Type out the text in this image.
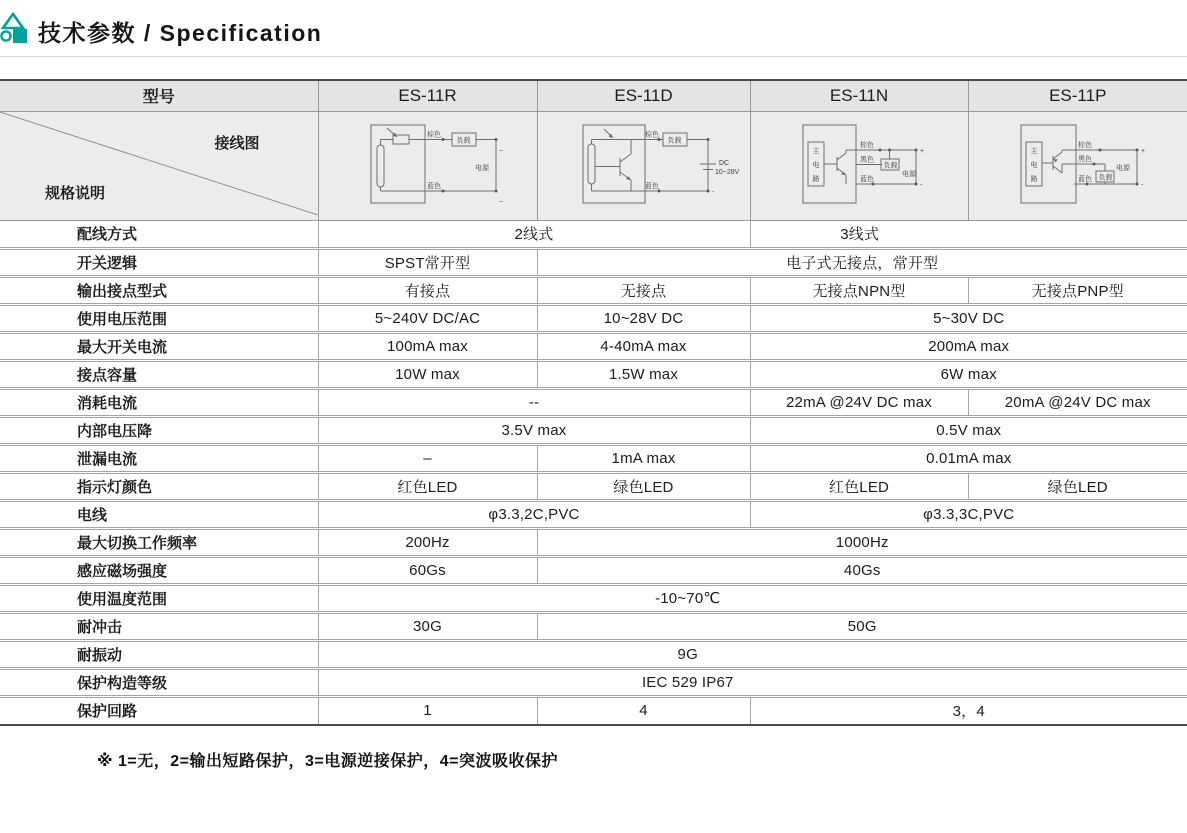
技术参数 / Specification
型号	ES-11R	ES-11D	ES-11N	ES-11P

接线图
规格说明

棕色
负载
~
电源
蓝色
~

棕色
负载
DC
10~28V
蓝色
-

主
电
路
棕色
黑色
负载
蓝色
+
-
电源

主
电
路
棕色
黑色
负载
蓝色
+
-
电源

配线方式	2线式		3线式	
开关逻辑	SPST常开型	电子式无接点，常开型		
输出接点型式	有接点	无接点	无接点NPN型	无接点PNP型
使用电压范围	5~240V DC/AC	10~28V DC	5~30V DC	
最大开关电流	100mA max	4-40mA max	200mA max	
接点容量	10W max	1.5W max	6W max	
消耗电流	--		22mA @24V DC max	20mA @24V DC max
内部电压降	3.5V max		0.5V max	
泄漏电流	–	1mA max	0.01mA max	
指示灯颜色	红色LED	绿色LED	红色LED	绿色LED
电线	φ3.3,2C,PVC		φ3.3,3C,PVC	
最大切换工作频率	200Hz	1000Hz		
感应磁场强度	60Gs	40Gs		
使用温度范围	-10~70℃			
耐冲击	30G	50G		
耐振动	9G			
保护构造等级	IEC 529 IP67			
保护回路	1	4	3，4	
※ 1=无，2=输出短路保护，3=电源逆接保护，4=突波吸收保护
